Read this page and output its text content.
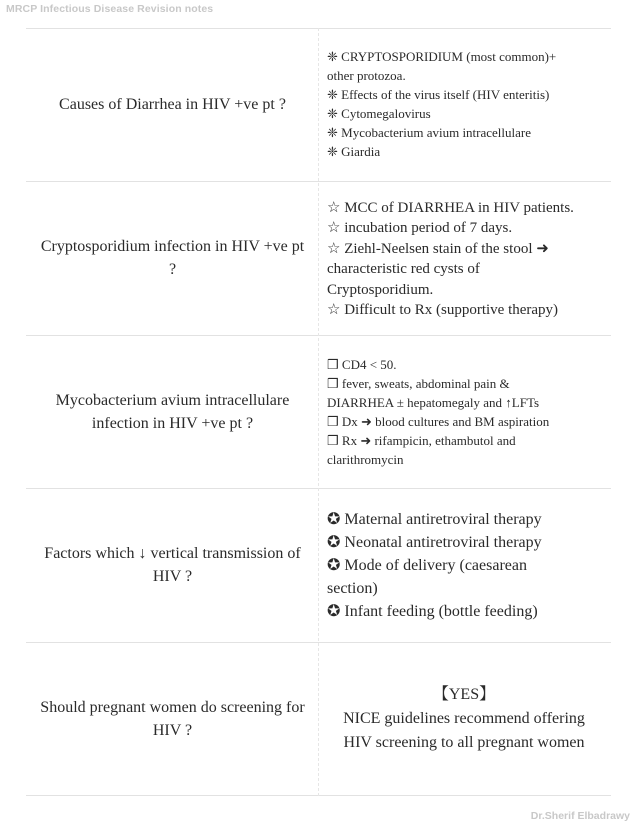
MRCP Infectious Disease Revision notes
Causes of Diarrhea in HIV +ve pt ?
❈ CRYPTOSPORIDIUM (most common)+
other protozoa.
❈ Effects of the virus itself (HIV enteritis)
❈ Cytomegalovirus
❈ Mycobacterium avium intracellulare
❈ Giardia
Cryptosporidium infection in HIV +ve pt ?
☆ MCC of DIARRHEA in HIV patients.
☆ incubation period of 7 days.
☆ Ziehl-Neelsen stain of the stool ➜
characteristic red cysts of
Cryptosporidium.
☆ Difficult to Rx (supportive therapy)
Mycobacterium avium intracellulare infection in HIV +ve pt ?
❒ CD4 < 50.
❒ fever, sweats, abdominal pain &
DIARRHEA ± hepatomegaly and ↑LFTs
❒ Dx ➜ blood cultures and BM aspiration
❒ Rx ➜ rifampicin, ethambutol and
clarithromycin
Factors which ↓ vertical transmission of HIV ?
✪ Maternal antiretroviral therapy
✪ Neonatal antiretroviral therapy
✪ Mode of delivery (caesarean
section)
✪ Infant feeding (bottle feeding)
Should pregnant women do screening for HIV ?
【YES】
NICE guidelines recommend offering
HIV screening to all pregnant women
Dr.Sherif Elbadrawy
